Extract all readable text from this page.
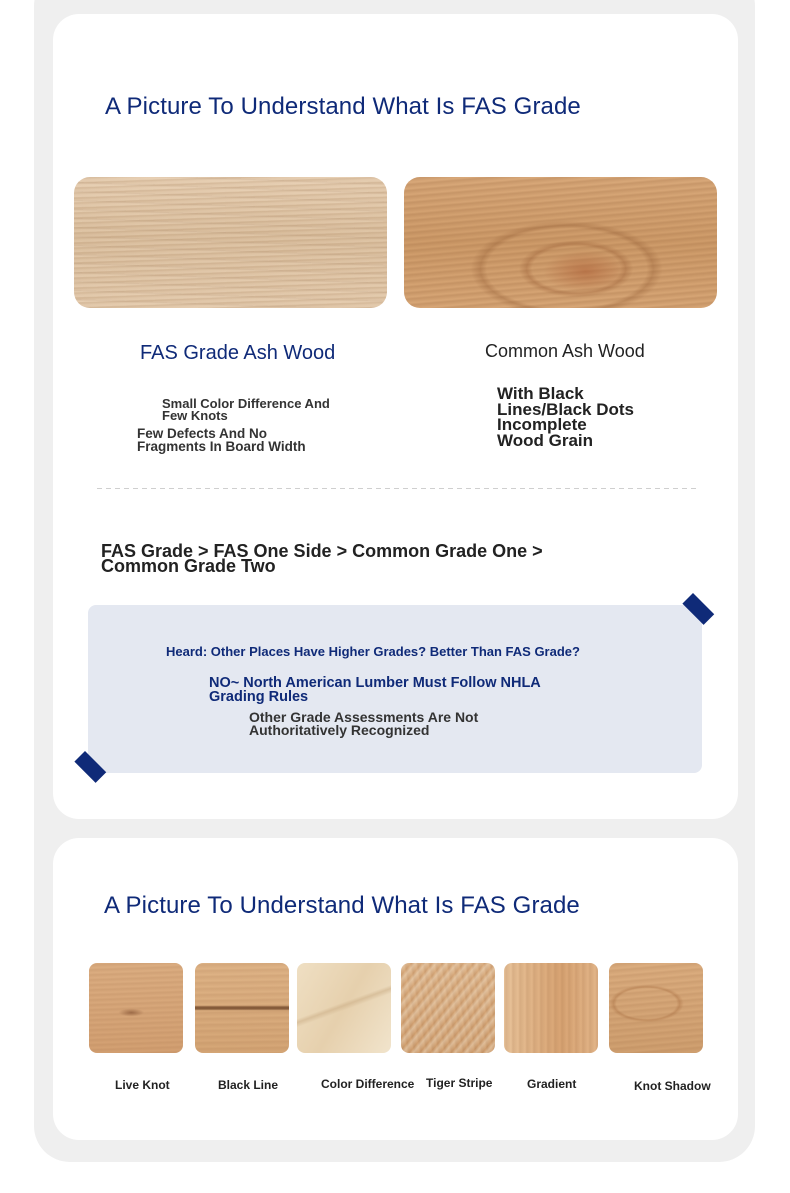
A Picture To Understand What Is FAS Grade
FAS Grade Ash Wood	Common Ash Wood
Small Color Difference And Few Knots
Few Defects And No Fragments In Board Width
With Black Lines/Black Dots Incomplete Wood Grain
FAS Grade > FAS One Side > Common Grade One > Common Grade Two
Heard: Other Places Have Higher Grades? Better Than FAS Grade?
NO~ North American Lumber Must Follow NHLA Grading Rules
Other Grade Assessments Are Not Authoritatively Recognized
A Picture To Understand What Is FAS Grade
Live Knot	Black Line	Color Difference Tiger Stripe	Gradient	Knot Shadow
